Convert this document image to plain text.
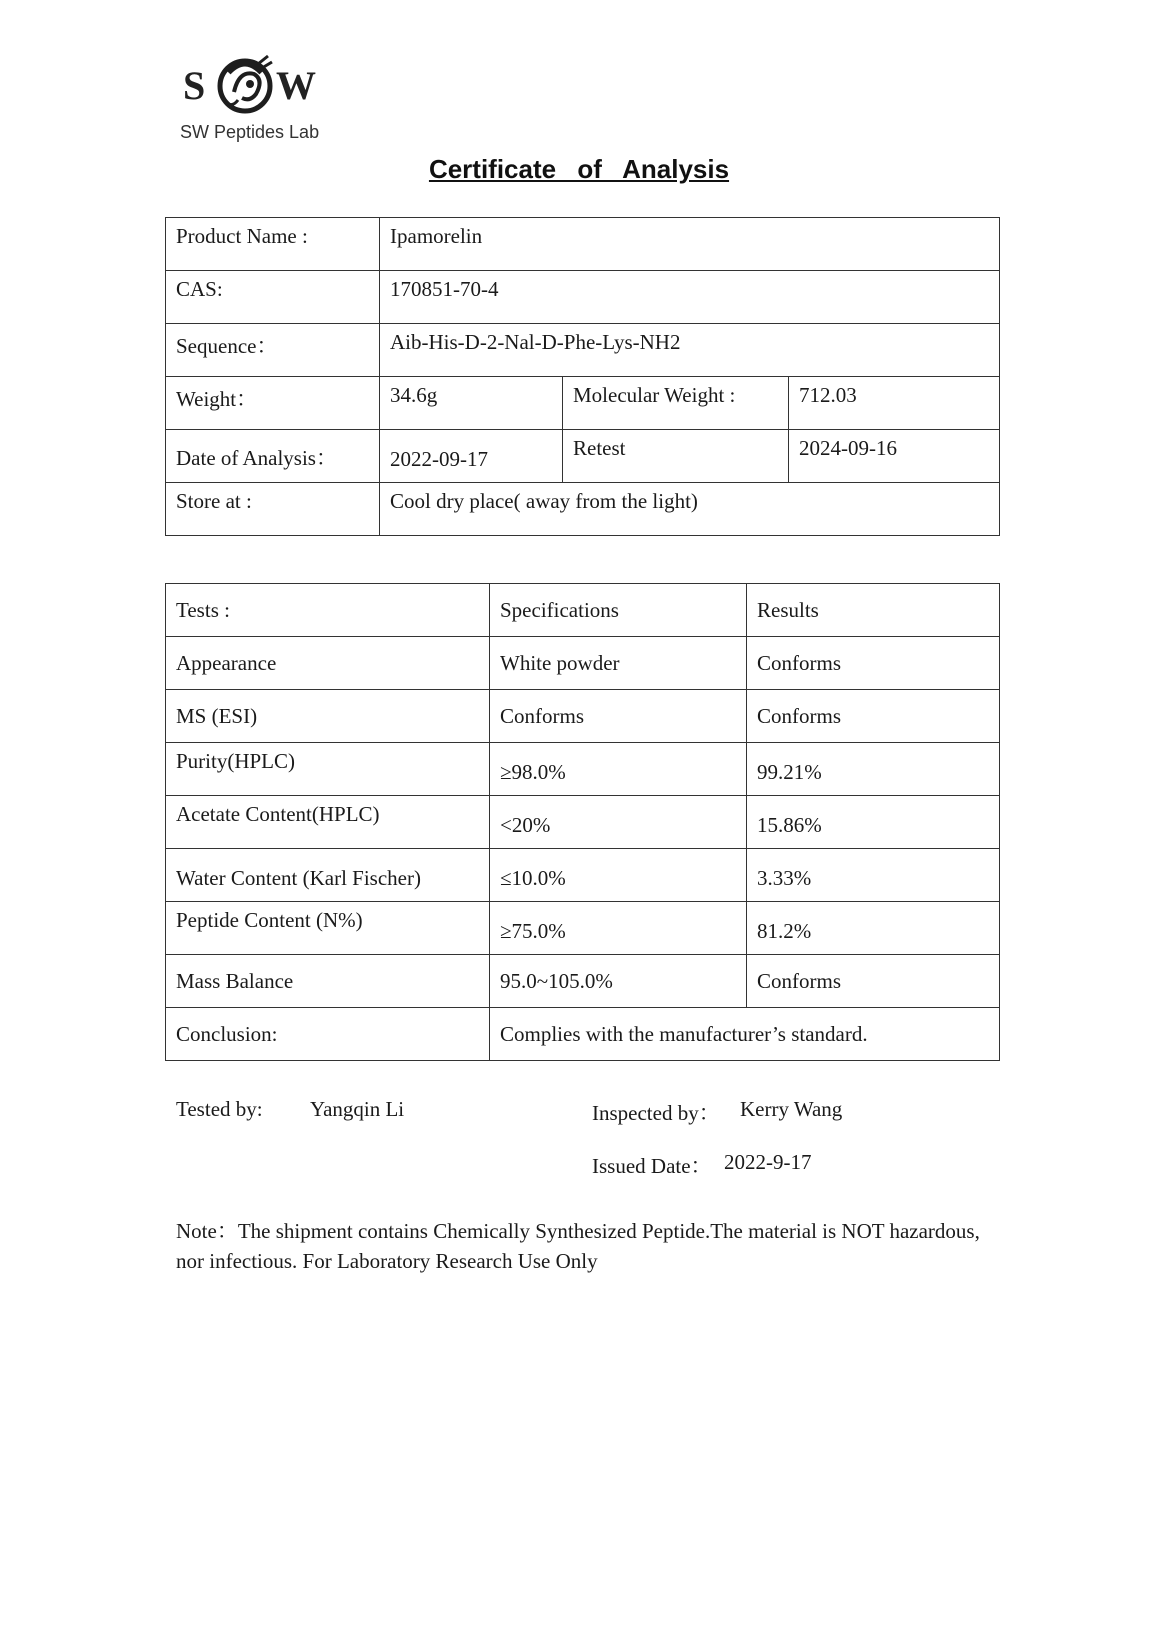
S W
SW Peptides Lab
Certificate of Analysis
Product Name :	Ipamorelin		
CAS:	170851-70-4		
Sequence：	Aib-His-D-2-Nal-D-Phe-Lys-NH2		
Weight：	34.6g	Molecular Weight :	712.03
Date of Analysis：	2022-09-17	Retest	2024-09-16
Store at :	Cool dry place( away from the light)		
Tests :	Specifications	Results
Appearance	White powder	Conforms
MS (ESI)	Conforms	Conforms
Purity(HPLC)	≥98.0%	99.21%
Acetate Content(HPLC)	<20%	15.86%
Water Content (Karl Fischer)	≤10.0%	3.33%
Peptide Content (N%)	≥75.0%	81.2%
Mass Balance	95.0~105.0%	Conforms
Conclusion:	Complies with the manufacturer’s standard.	
Tested by: Yangqin Li	Inspected by： Kerry Wang
Issued Date： 2022-9-17
Note：The shipment contains Chemically Synthesized Peptide.The material is NOT hazardous, nor infectious. For Laboratory Research Use Only
